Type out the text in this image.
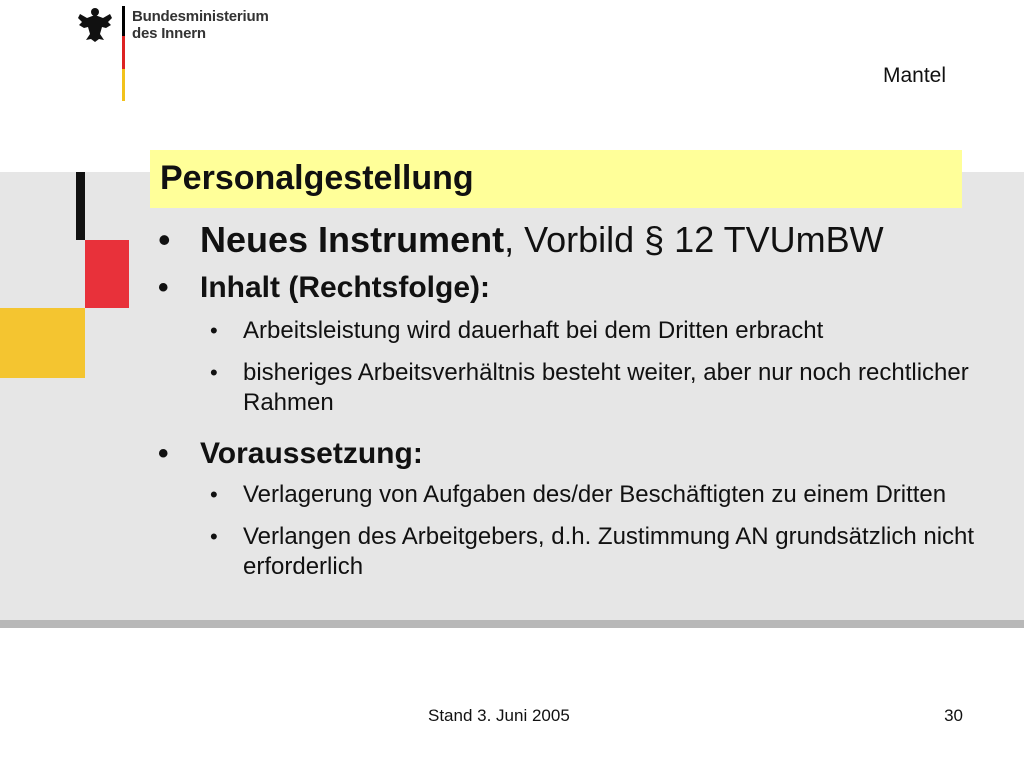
Bundesministerium
des Innern
Mantel
Personalgestellung

• Neues Instrument, Vorbild § 12 TVUmBW

• Inhalt (Rechtsfolge):

• Arbeitsleistung wird dauerhaft bei dem Dritten erbracht

• bisheriges Arbeitsverhältnis besteht weiter, aber nur noch rechtlicher Rahmen

• Voraussetzung:

• Verlagerung von Aufgaben des/der Beschäftigten zu einem Dritten

• Verlangen des Arbeitgebers, d.h. Zustimmung AN grundsätzlich nicht erforderlich

Stand 3. Juni 2005	30
